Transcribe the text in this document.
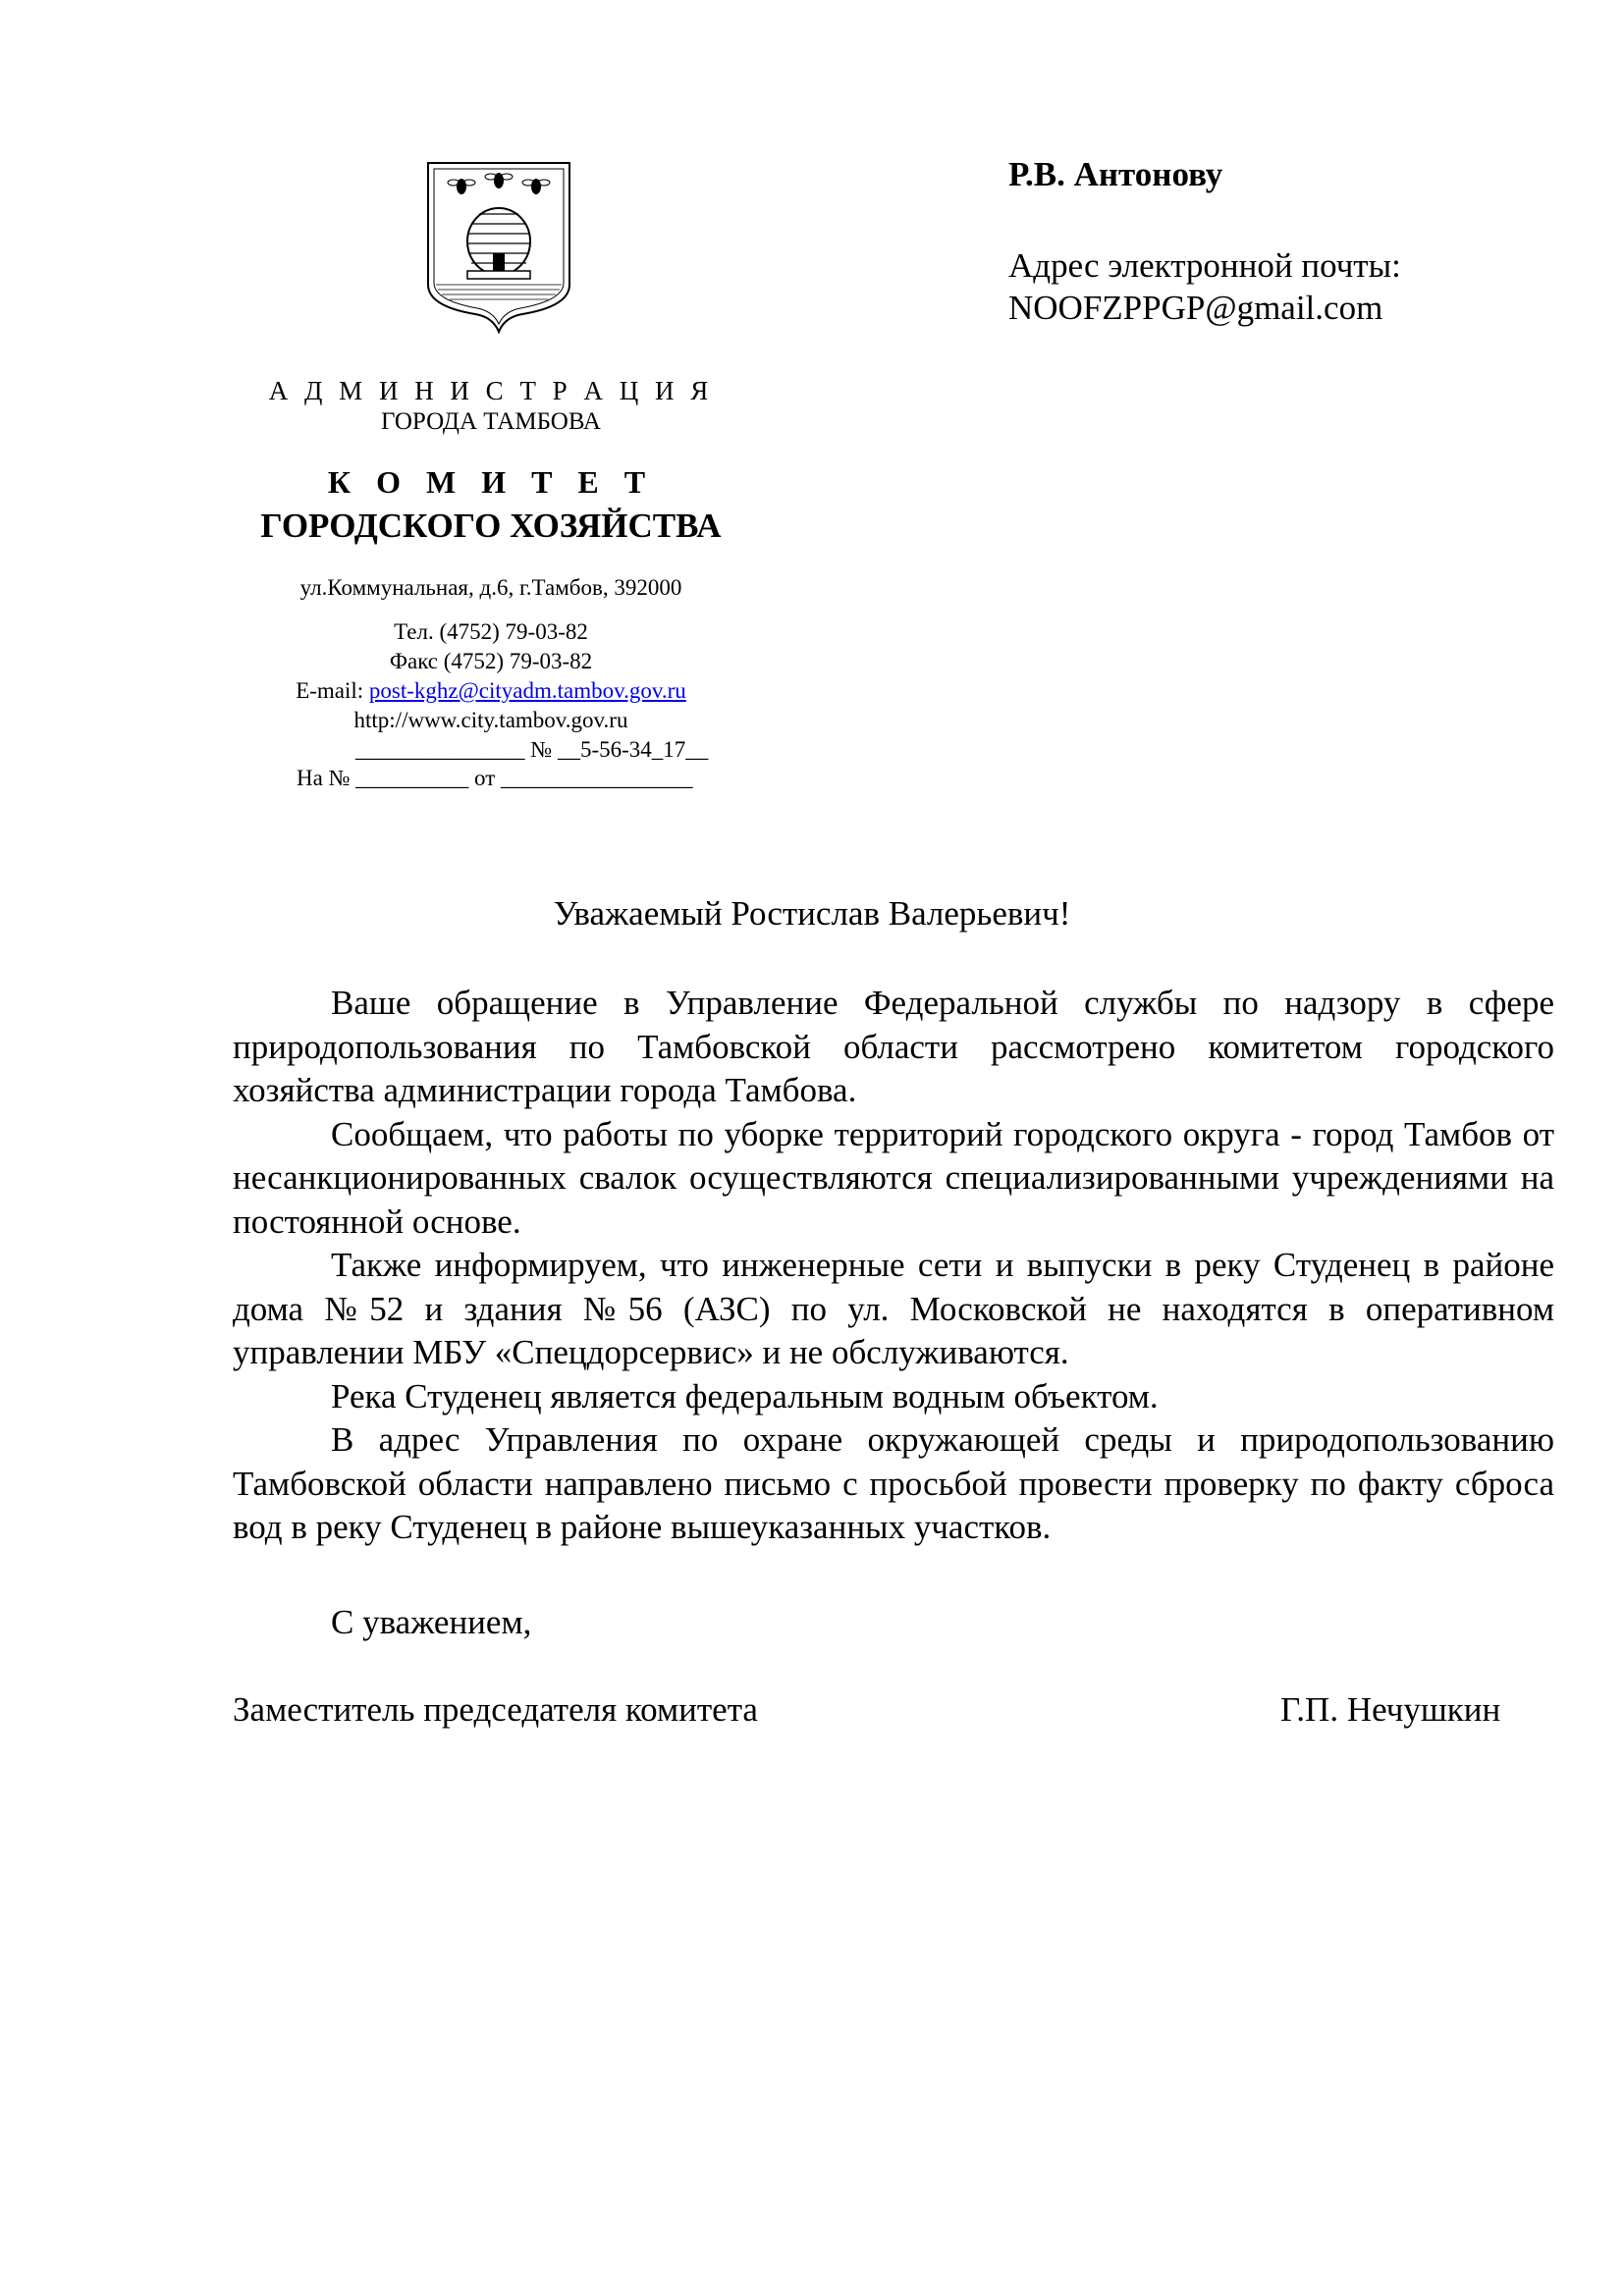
А Д М И Н И С Т Р А Ц И Я
ГОРОДА ТАМБОВА
К О М И Т Е Т
ГОРОДСКОГО ХОЗЯЙСТВА
ул.Коммунальная, д.6, г.Тамбов, 392000
Тел. (4752) 79-03-82
Факс (4752) 79-03-82
E-mail: post-kghz@cityadm.tambov.gov.ru
http://www.city.tambov.gov.ru
_______________ № __5-56-34_17__
На № __________ от _________________
Р.В. Антонову
Адрес электронной почты:
NOOFZPPGP@gmail.com
Уважаемый Ростислав Валерьевич!

Ваше обращение в Управление Федеральной службы по надзору в сфере природопользования по Тамбовской области рассмотрено комитетом городского хозяйства администрации города Тамбова.

Сообщаем, что работы по уборке территорий городского округа - город Тамбов от несанкционированных свалок осуществляются специализированными учреждениями на постоянной основе.

Также информируем, что инженерные сети и выпуски в реку Студенец в районе дома №52 и здания №56 (АЗС) по ул. Московской не находятся в оперативном управлении МБУ «Спецдорсервис» и не обслуживаются.

Река Студенец является федеральным водным объектом.

В адрес Управления по охране окружающей среды и природопользованию Тамбовской области направлено письмо с просьбой провести проверку по факту сброса вод в реку Студенец в районе вышеуказанных участков.

С уважением,
Заместитель председателя комитета	Г.П. Нечушкин
